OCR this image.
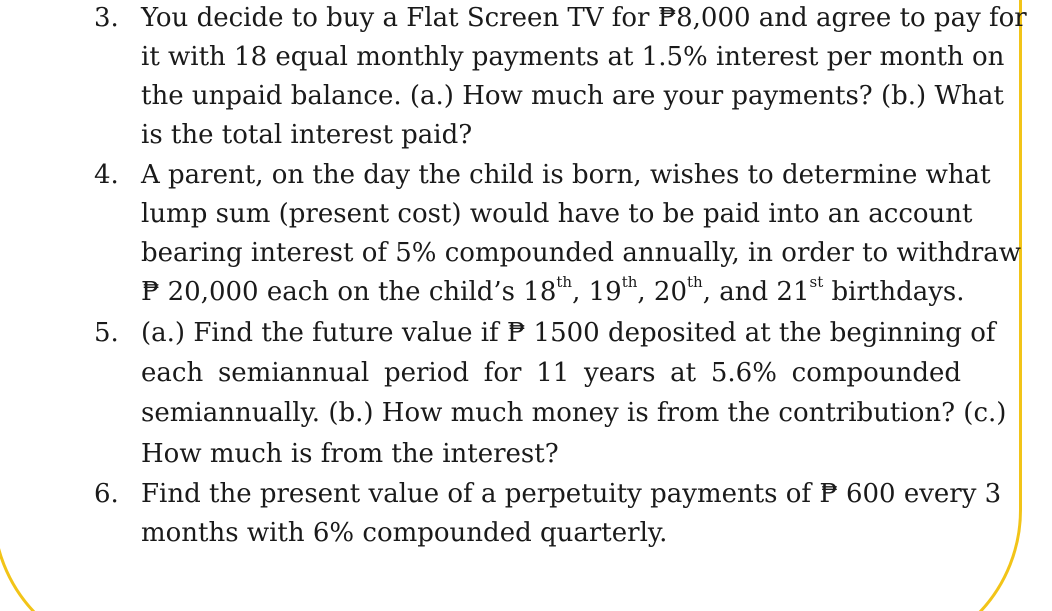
3. You decide to buy a Flat Screen TV for ₱8,000 and agree to pay for
it with 18 equal monthly payments at 1.5% interest per month on
the unpaid balance. (a.) How much are your payments? (b.) What
is the total interest paid?
4. A parent, on the day the child is born, wishes to determine what
lump sum (present cost) would have to be paid into an account
bearing interest of 5% compounded annually, in order to withdraw
₱ 20,000 each on the child’s 18th, 19th, 20th, and 21st birthdays.
5. (a.) Find the future value if ₱ 1500 deposited at the beginning of
each semiannual period for 11 years at 5.6% compounded
semiannually. (b.) How much money is from the contribution? (c.)
How much is from the interest?
6. Find the present value of a perpetuity payments of ₱ 600 every 3
months with 6% compounded quarterly.
